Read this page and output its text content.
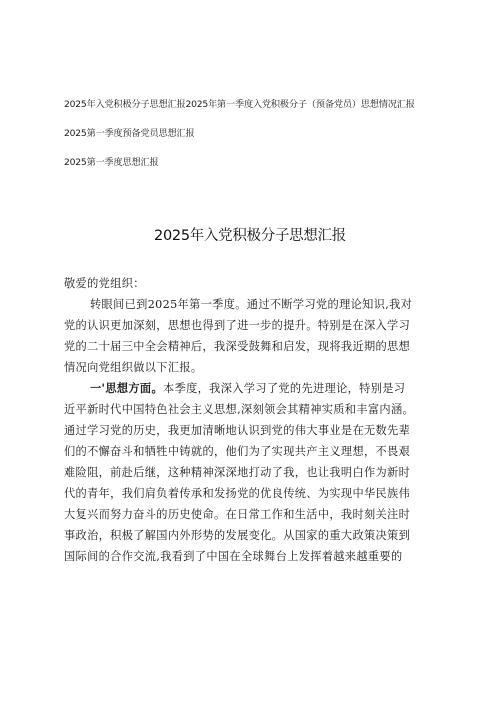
2025年入党积极分子思想汇报2025年第一季度入党积极分子（预备党员）思想情况汇报
2025第一季度预备党员思想汇报
2025第一季度思想汇报
2025年入党积极分子思想汇报
敬爱的党组织：
转眼间已到2025年第一季度。通过不断学习党的理论知识,我对
党的认识更加深刻，思想也得到了进一步的提升。特别是在深入学习
党的二十届三中全会精神后，我深受鼓舞和启发，现将我近期的思想
情况向党组织做以下汇报。
一'思想方面。本季度，我深入学习了党的先进理论，特别是习
近平新时代中国特色社会主义思想,深刻领会其精神实质和丰富内涵。
通过学习党的历史，我更加清晰地认识到党的伟大事业是在无数先辈
们的不懈奋斗和牺牲中铸就的，他们为了实现共产主义理想，不畏艰
难险阻，前赴后继，这种精神深深地打动了我，也让我明白作为新时
代的青年，我们肩负着传承和发扬党的优良传统、为实现中华民族伟
大复兴而努力奋斗的历史使命。在日常工作和生活中，我时刻关注时
事政治，积极了解国内外形势的发展变化。从国家的重大政策决策到
国际间的合作交流,我看到了中国在全球舞台上发挥着越来越重要的
